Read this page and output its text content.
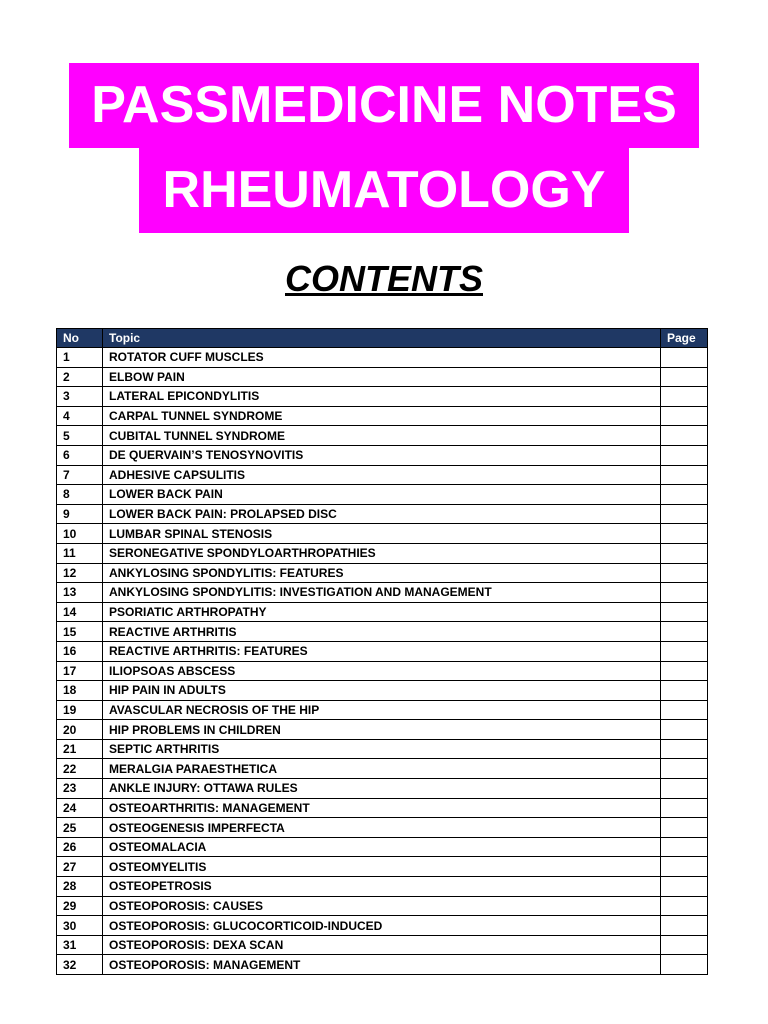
PASSMEDICINE NOTES
RHEUMATOLOGY
CONTENTS
No	Topic	Page
1	ROTATOR CUFF MUSCLES	
2	ELBOW PAIN	
3	LATERAL EPICONDYLITIS	
4	CARPAL TUNNEL SYNDROME	
5	CUBITAL TUNNEL SYNDROME	
6	DE QUERVAIN’S TENOSYNOVITIS	
7	ADHESIVE CAPSULITIS	
8	LOWER BACK PAIN	
9	LOWER BACK PAIN: PROLAPSED DISC	
10	LUMBAR SPINAL STENOSIS	
11	SERONEGATIVE SPONDYLOARTHROPATHIES	
12	ANKYLOSING SPONDYLITIS: FEATURES	
13	ANKYLOSING SPONDYLITIS: INVESTIGATION AND MANAGEMENT	
14	PSORIATIC ARTHROPATHY	
15	REACTIVE ARTHRITIS	
16	REACTIVE ARTHRITIS: FEATURES	
17	ILIOPSOAS ABSCESS	
18	HIP PAIN IN ADULTS	
19	AVASCULAR NECROSIS OF THE HIP	
20	HIP PROBLEMS IN CHILDREN	
21	SEPTIC ARTHRITIS	
22	MERALGIA PARAESTHETICA	
23	ANKLE INJURY: OTTAWA RULES	
24	OSTEOARTHRITIS: MANAGEMENT	
25	OSTEOGENESIS IMPERFECTA	
26	OSTEOMALACIA	
27	OSTEOMYELITIS	
28	OSTEOPETROSIS	
29	OSTEOPOROSIS: CAUSES	
30	OSTEOPOROSIS: GLUCOCORTICOID-INDUCED	
31	OSTEOPOROSIS: DEXA SCAN	
32	OSTEOPOROSIS: MANAGEMENT	
